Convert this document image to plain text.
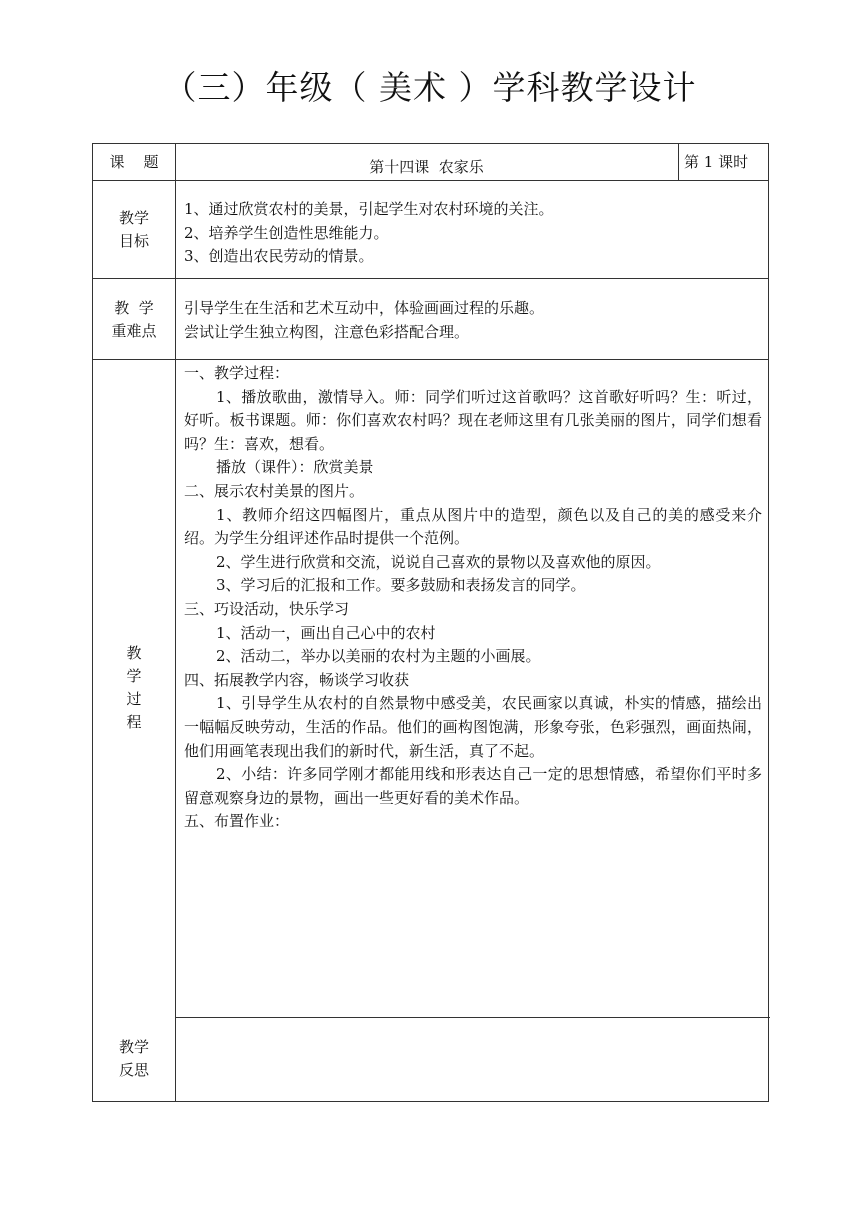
（三）年级（ 美术 ）学科教学设计
课    题	第十四课  农家乐	第 1 课时
教学
目标
1、通过欣赏农村的美景，引起学生对农村环境的关注。
2、培养学生创造性思维能力。
3、创造出农民劳动的情景。
教  学
重难点
引导学生在生活和艺术互动中，体验画画过程的乐趣。
尝试让学生独立构图，注意色彩搭配合理。
教
学
过
程
一、教学过程：
1、播放歌曲，激情导入。师：同学们听过这首歌吗？这首歌好听吗？生：听过，好听。板书课题。师：你们喜欢农村吗？现在老师这里有几张美丽的图片，同学们想看吗？生：喜欢，想看。
播放（课件）：欣赏美景
二、展示农村美景的图片。
1、教师介绍这四幅图片，重点从图片中的造型，颜色以及自己的美的感受来介绍。为学生分组评述作品时提供一个范例。
2、学生进行欣赏和交流，说说自己喜欢的景物以及喜欢他的原因。
3、学习后的汇报和工作。要多鼓励和表扬发言的同学。
三、巧设活动，快乐学习
1、活动一，画出自己心中的农村
2、活动二，举办以美丽的农村为主题的小画展。
四、拓展教学内容，畅谈学习收获
1、引导学生从农村的自然景物中感受美，农民画家以真诚，朴实的情感，描绘出一幅幅反映劳动，生活的作品。他们的画构图饱满，形象夸张，色彩强烈，画面热闹，他们用画笔表现出我们的新时代，新生活，真了不起。
2、小结：许多同学刚才都能用线和形表达自己一定的思想情感，希望你们平时多留意观察身边的景物，画出一些更好看的美术作品。
五、布置作业：
教学
反思
